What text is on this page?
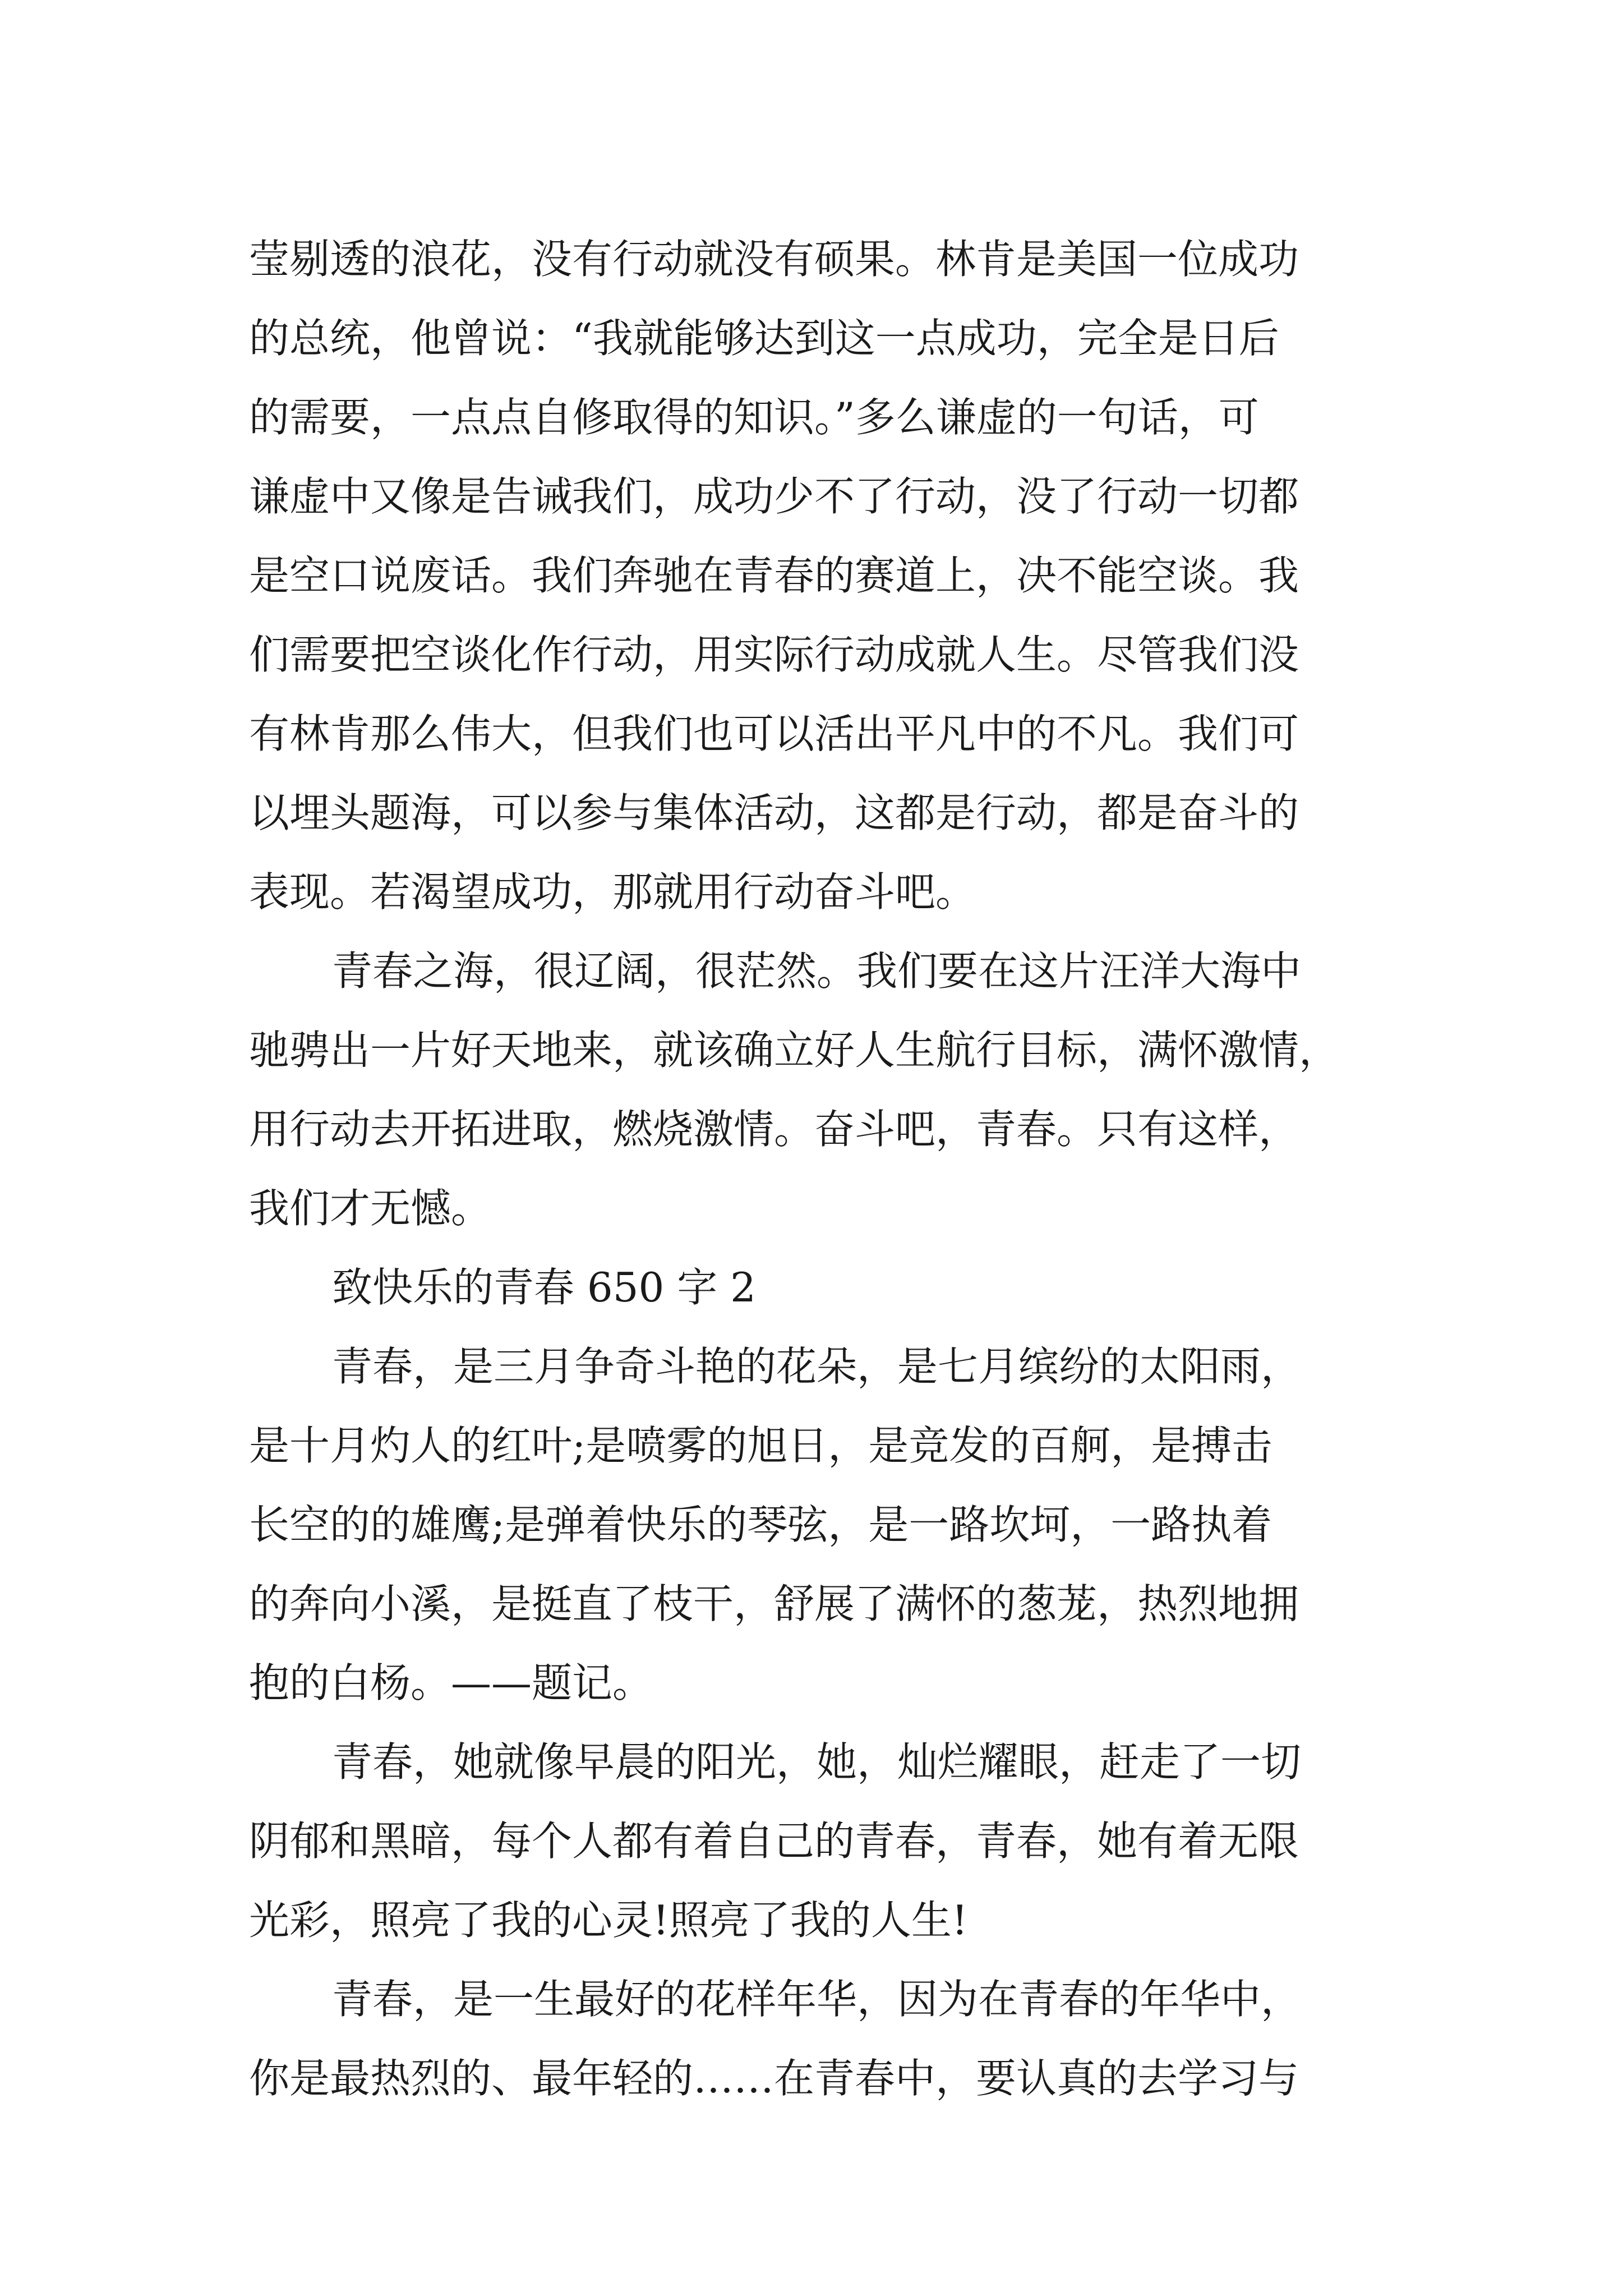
莹剔透的浪花，没有行动就没有硕果。林肯是美国一位成功
的总统，他曾说：“我就能够达到这一点成功，完全是日后
的需要，一点点自修取得的知识。”多么谦虚的一句话，可
谦虚中又像是告诫我们，成功少不了行动，没了行动一切都
是空口说废话。我们奔驰在青春的赛道上，决不能空谈。我
们需要把空谈化作行动，用实际行动成就人生。尽管我们没
有林肯那么伟大，但我们也可以活出平凡中的不凡。我们可
以埋头题海，可以参与集体活动，这都是行动，都是奋斗的
表现。若渴望成功，那就用行动奋斗吧。
青春之海，很辽阔，很茫然。我们要在这片汪洋大海中
驰骋出一片好天地来，就该确立好人生航行目标，满怀激情，
用行动去开拓进取，燃烧激情。奋斗吧，青春。只有这样，
我们才无憾。
致快乐的青春 650 字 2
青春，是三月争奇斗艳的花朵，是七月缤纷的太阳雨，
是十月灼人的红叶;是喷雾的旭日，是竞发的百舸，是搏击
长空的的雄鹰;是弹着快乐的琴弦，是一路坎坷，一路执着
的奔向小溪，是挺直了枝干，舒展了满怀的葱茏，热烈地拥
抱的白杨。——题记。
青春，她就像早晨的阳光，她，灿烂耀眼，赶走了一切
阴郁和黑暗，每个人都有着自己的青春，青春，她有着无限
光彩，照亮了我的心灵!照亮了我的人生!
青春，是一生最好的花样年华，因为在青春的年华中，
你是最热烈的、最年轻的……在青春中，要认真的去学习与
